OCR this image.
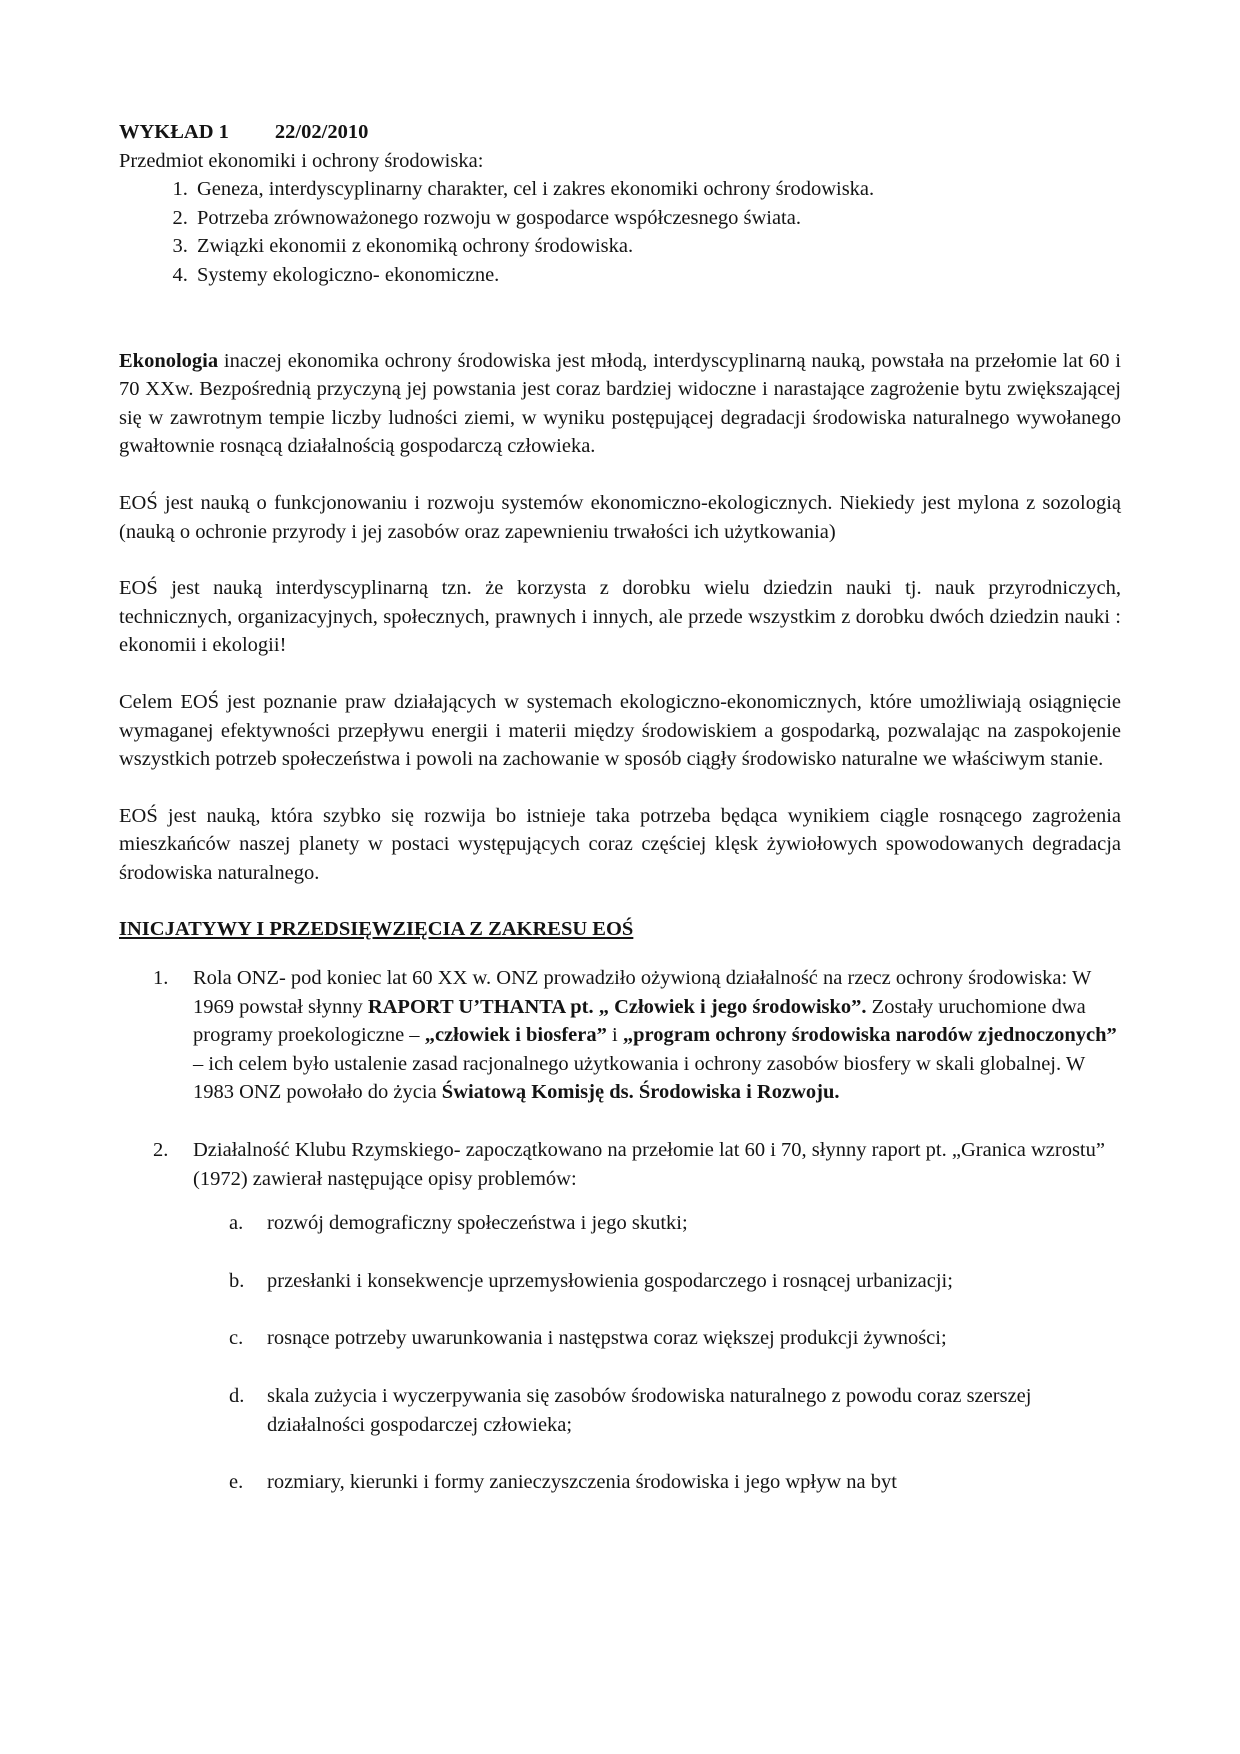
WYKŁAD 1 22/02/2010

Przedmiot ekonomiki i ochrony środowiska:

1. Geneza, interdyscyplinarny charakter, cel i zakres ekonomiki ochrony środowiska.
2. Potrzeba zrównoważonego rozwoju w gospodarce współczesnego świata.
3. Związki ekonomii z ekonomiką ochrony środowiska.
4. Systemy ekologiczno- ekonomiczne.

Ekonologia inaczej ekonomika ochrony środowiska jest młodą, interdyscyplinarną nauką, powstała na przełomie lat 60 i 70 XXw. Bezpośrednią przyczyną jej powstania jest coraz bardziej widoczne i narastające zagrożenie bytu zwiększającej się w zawrotnym tempie liczby ludności ziemi, w wyniku postępującej degradacji środowiska naturalnego wywołanego gwałtownie rosnącą działalnością gospodarczą człowieka.

EOŚ jest nauką o funkcjonowaniu i rozwoju systemów ekonomiczno-ekologicznych. Niekiedy jest mylona z sozologią (nauką o ochronie przyrody i jej zasobów oraz zapewnieniu trwałości ich użytkowania)

EOŚ jest nauką interdyscyplinarną tzn. że korzysta z dorobku wielu dziedzin nauki tj. nauk przyrodniczych, technicznych, organizacyjnych, społecznych, prawnych i innych, ale przede wszystkim z dorobku dwóch dziedzin nauki : ekonomii i ekologii!

Celem EOŚ jest poznanie praw działających w systemach ekologiczno-ekonomicznych, które umożliwiają osiągnięcie wymaganej efektywności przepływu energii i materii między środowiskiem a gospodarką, pozwalając na zaspokojenie wszystkich potrzeb społeczeństwa i powoli na zachowanie w sposób ciągły środowisko naturalne we właściwym stanie.

EOŚ jest nauką, która szybko się rozwija bo istnieje taka potrzeba będąca wynikiem ciągle rosnącego zagrożenia mieszkańców naszej planety w postaci występujących coraz częściej klęsk żywiołowych spowodowanych degradacja środowiska naturalnego.

INICJATYWY I PRZEDSIĘWZIĘCIA Z ZAKRESU EOŚ

1. Rola ONZ- pod koniec lat 60 XX w. ONZ prowadziło ożywioną działalność na rzecz ochrony środowiska: W 1969 powstał słynny RAPORT U’THANTA pt. „ Człowiek i jego środowisko”. Zostały uruchomione dwa programy proekologiczne – „człowiek i biosfera” i „program ochrony środowiska narodów zjednoczonych” – ich celem było ustalenie zasad racjonalnego użytkowania i ochrony zasobów biosfery w skali globalnej. W 1983 ONZ powołało do życia Światową Komisję ds. Środowiska i Rozwoju.
2. Działalność Klubu Rzymskiego- zapoczątkowano na przełomie lat 60 i 70, słynny raport pt. „Granica wzrostu” (1972) zawierał następujące opisy problemów:
a. rozwój demograficzny społeczeństwa i jego skutki;
b. przesłanki i konsekwencje uprzemysłowienia gospodarczego i rosnącej urbanizacji;
c. rosnące potrzeby uwarunkowania i następstwa coraz większej produkcji żywności;
d. skala zużycia i wyczerpywania się zasobów środowiska naturalnego z powodu coraz szerszej działalności gospodarczej człowieka;
e. rozmiary, kierunki i formy zanieczyszczenia środowiska i jego wpływ na byt
